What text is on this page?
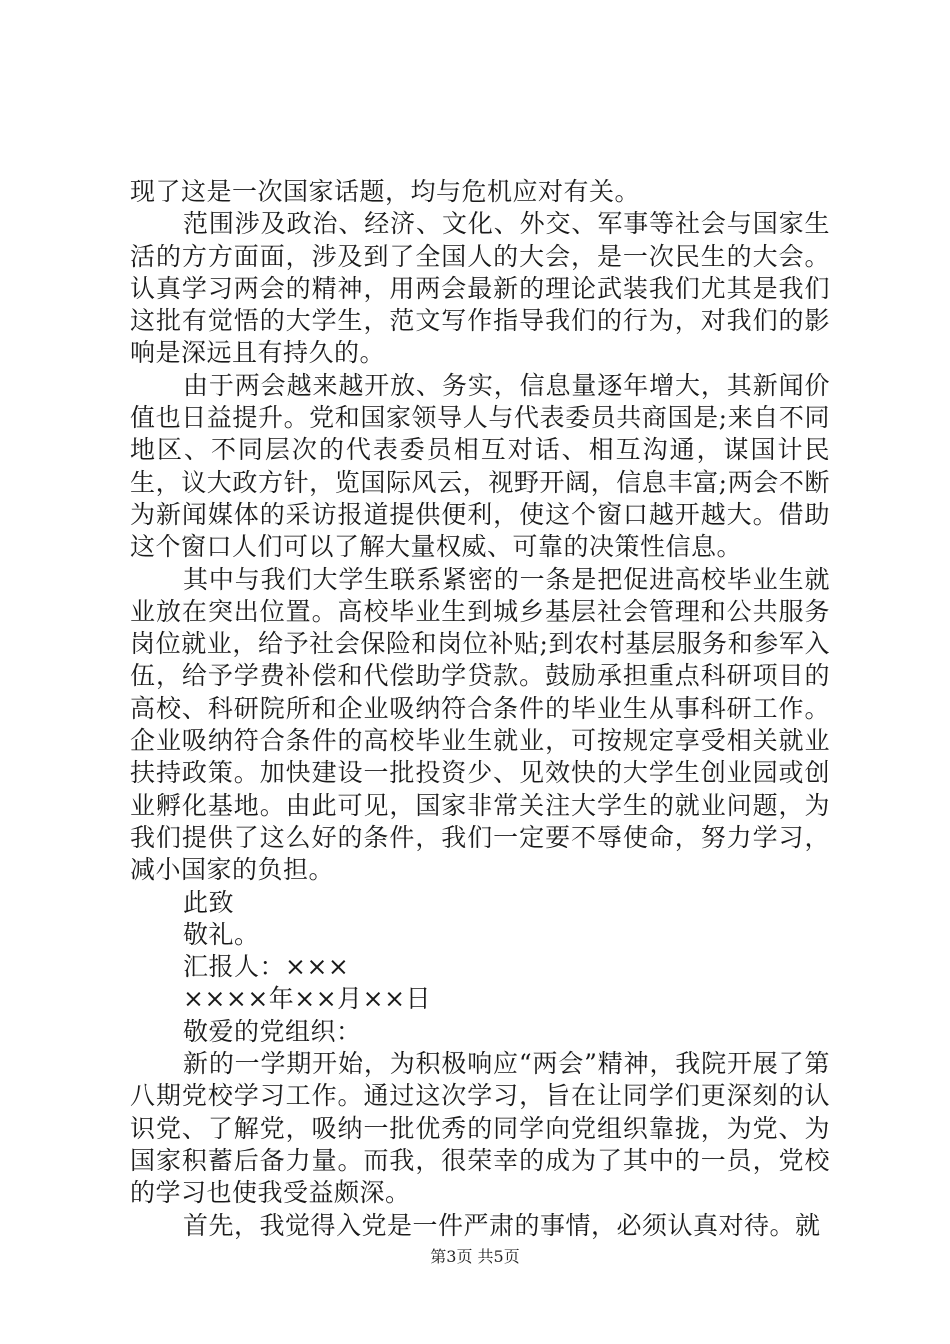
现了这是一次国家话题，均与危机应对有关。

范围涉及政治、经济、文化、外交、军事等社会与国家生活的方方面面，涉及到了全国人的大会，是一次民生的大会。认真学习两会的精神，用两会最新的理论武装我们尤其是我们这批有觉悟的大学生，范文写作指导我们的行为，对我们的影响是深远且有持久的。

由于两会越来越开放、务实，信息量逐年增大，其新闻价值也日益提升。党和国家领导人与代表委员共商国是;来自不同地区、不同层次的代表委员相互对话、相互沟通，谋国计民生，议大政方针，览国际风云，视野开阔，信息丰富;两会不断为新闻媒体的采访报道提供便利，使这个窗口越开越大。借助这个窗口人们可以了解大量权威、可靠的决策性信息。

其中与我们大学生联系紧密的一条是把促进高校毕业生就业放在突出位置。高校毕业生到城乡基层社会管理和公共服务岗位就业，给予社会保险和岗位补贴;到农村基层服务和参军入伍，给予学费补偿和代偿助学贷款。鼓励承担重点科研项目的高校、科研院所和企业吸纳符合条件的毕业生从事科研工作。企业吸纳符合条件的高校毕业生就业，可按规定享受相关就业扶持政策。加快建设一批投资少、见效快的大学生创业园或创业孵化基地。由此可见，国家非常关注大学生的就业问题，为我们提供了这么好的条件，我们一定要不辱使命，努力学习，减小国家的负担。

此致

敬礼。

汇报人：×××

××××年××月××日

敬爱的党组织：

新的一学期开始，为积极响应“两会”精神，我院开展了第八期党校学习工作。通过这次学习，旨在让同学们更深刻的认识党、了解党，吸纳一批优秀的同学向党组织靠拢，为党、为国家积蓄后备力量。而我，很荣幸的成为了其中的一员，党校的学习也使我受益颇深。

首先，我觉得入党是一件严肃的事情，必须认真对待。就

第3页 共5页
